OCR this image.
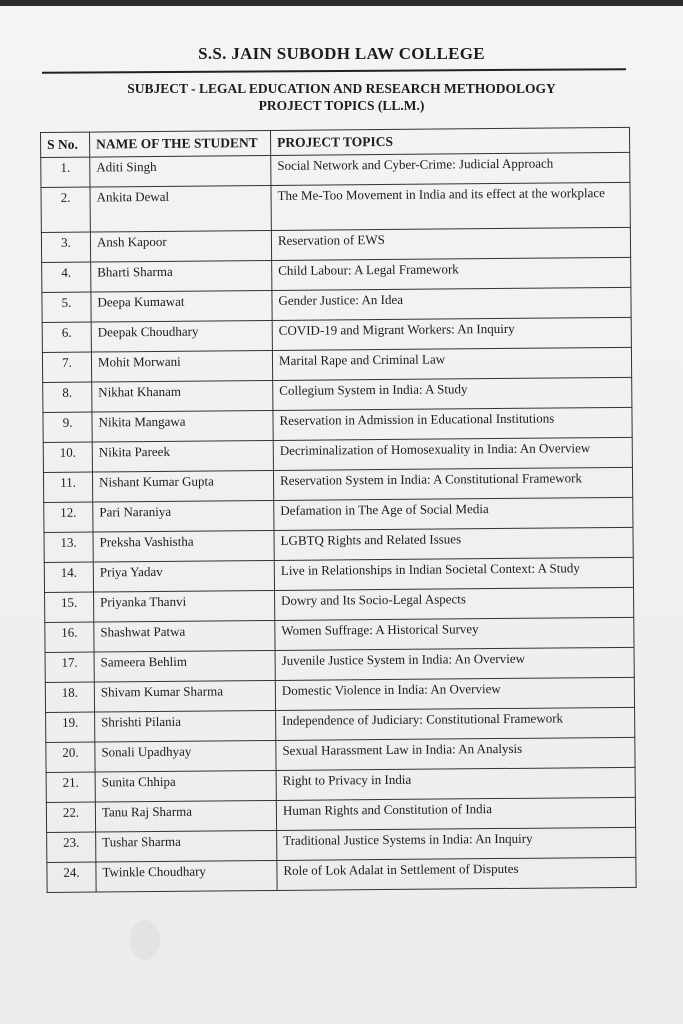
S.S. JAIN SUBODH LAW COLLEGE
SUBJECT - LEGAL EDUCATION AND RESEARCH METHODOLOGY
PROJECT TOPICS (LL.M.)
S No.	NAME OF THE STUDENT	PROJECT TOPICS
1.	Aditi Singh	Social Network and Cyber-Crime: Judicial Approach
2.	Ankita Dewal	The Me-Too Movement in India and its effect at the workplace
3.	Ansh Kapoor	Reservation of EWS
4.	Bharti Sharma	Child Labour: A Legal Framework
5.	Deepa Kumawat	Gender Justice: An Idea
6.	Deepak Choudhary	COVID-19 and Migrant Workers: An Inquiry
7.	Mohit Morwani	Marital Rape and Criminal Law
8.	Nikhat Khanam	Collegium System in India: A Study
9.	Nikita Mangawa	Reservation in Admission in Educational Institutions
10.	Nikita Pareek	Decriminalization of Homosexuality in India: An Overview
11.	Nishant Kumar Gupta	Reservation System in India: A Constitutional Framework
12.	Pari Naraniya	Defamation in The Age of Social Media
13.	Preksha Vashistha	LGBTQ Rights and Related Issues
14.	Priya Yadav	Live in Relationships in Indian Societal Context: A Study
15.	Priyanka Thanvi	Dowry and Its Socio-Legal Aspects
16.	Shashwat Patwa	Women Suffrage: A Historical Survey
17.	Sameera Behlim	Juvenile Justice System in India: An Overview
18.	Shivam Kumar Sharma	Domestic Violence in India: An Overview
19.	Shrishti Pilania	Independence of Judiciary: Constitutional Framework
20.	Sonali Upadhyay	Sexual Harassment Law in India: An Analysis
21.	Sunita Chhipa	Right to Privacy in India
22.	Tanu Raj Sharma	Human Rights and Constitution of India
23.	Tushar Sharma	Traditional Justice Systems in India: An Inquiry
24.	Twinkle Choudhary	Role of Lok Adalat in Settlement of Disputes
